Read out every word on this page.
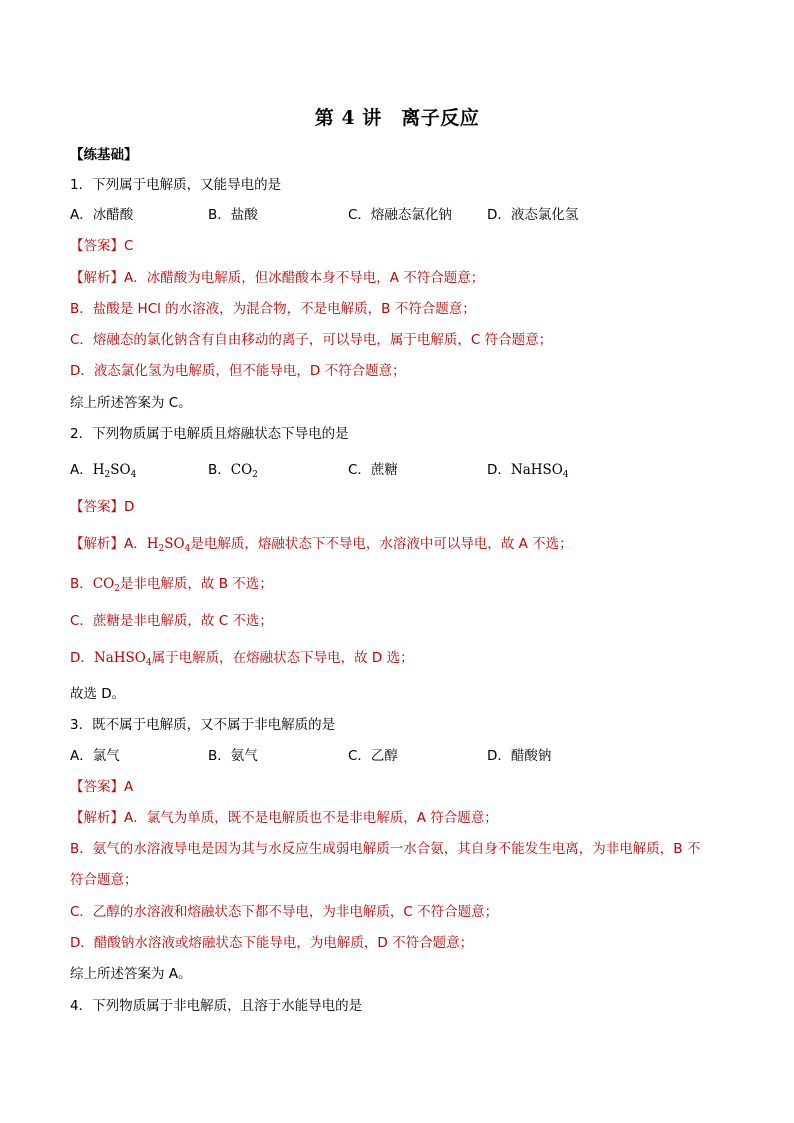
第 4 讲　离子反应
【练基础】
1．下列属于电解质，又能导电的是
A．冰醋酸	B．盐酸	C．熔融态氯化钠	D．液态氯化氢
【答案】C
【解析】A．冰醋酸为电解质，但冰醋酸本身不导电，A 不符合题意；
B．盐酸是 HCl 的水溶液，为混合物，不是电解质，B 不符合题意；
C．熔融态的氯化钠含有自由移动的离子，可以导电，属于电解质，C 符合题意；
D．液态氯化氢为电解质，但不能导电，D 不符合题意；
综上所述答案为 C。
2．下列物质属于电解质且熔融状态下导电的是
A．$H_2SO_4$	B．$CO_2$	C．蔗糖	D．NaHSO$_4$
【答案】D
【解析】A．$H_2SO_4$是电解质，熔融状态下不导电，水溶液中可以导电，故 A 不选；
B．$CO_2$是非电解质，故 B 不选；
C．蔗糖是非电解质，故 C 不选；
D．NaHSO$_4$属于电解质，在熔融状态下导电，故 D 选；
故选 D。
3．既不属于电解质，又不属于非电解质的是
A．氯气	B．氨气	C．乙醇	D．醋酸钠
【答案】A
【解析】A．氯气为单质，既不是电解质也不是非电解质，A 符合题意；
B．氨气的水溶液导电是因为其与水反应生成弱电解质一水合氨，其自身不能发生电离，为非电解质，B 不
符合题意；
C．乙醇的水溶液和熔融状态下都不导电，为非电解质，C 不符合题意；
D．醋酸钠水溶液或熔融状态下能导电，为电解质，D 不符合题意；
综上所述答案为 A。
4．下列物质属于非电解质，且溶于水能导电的是
